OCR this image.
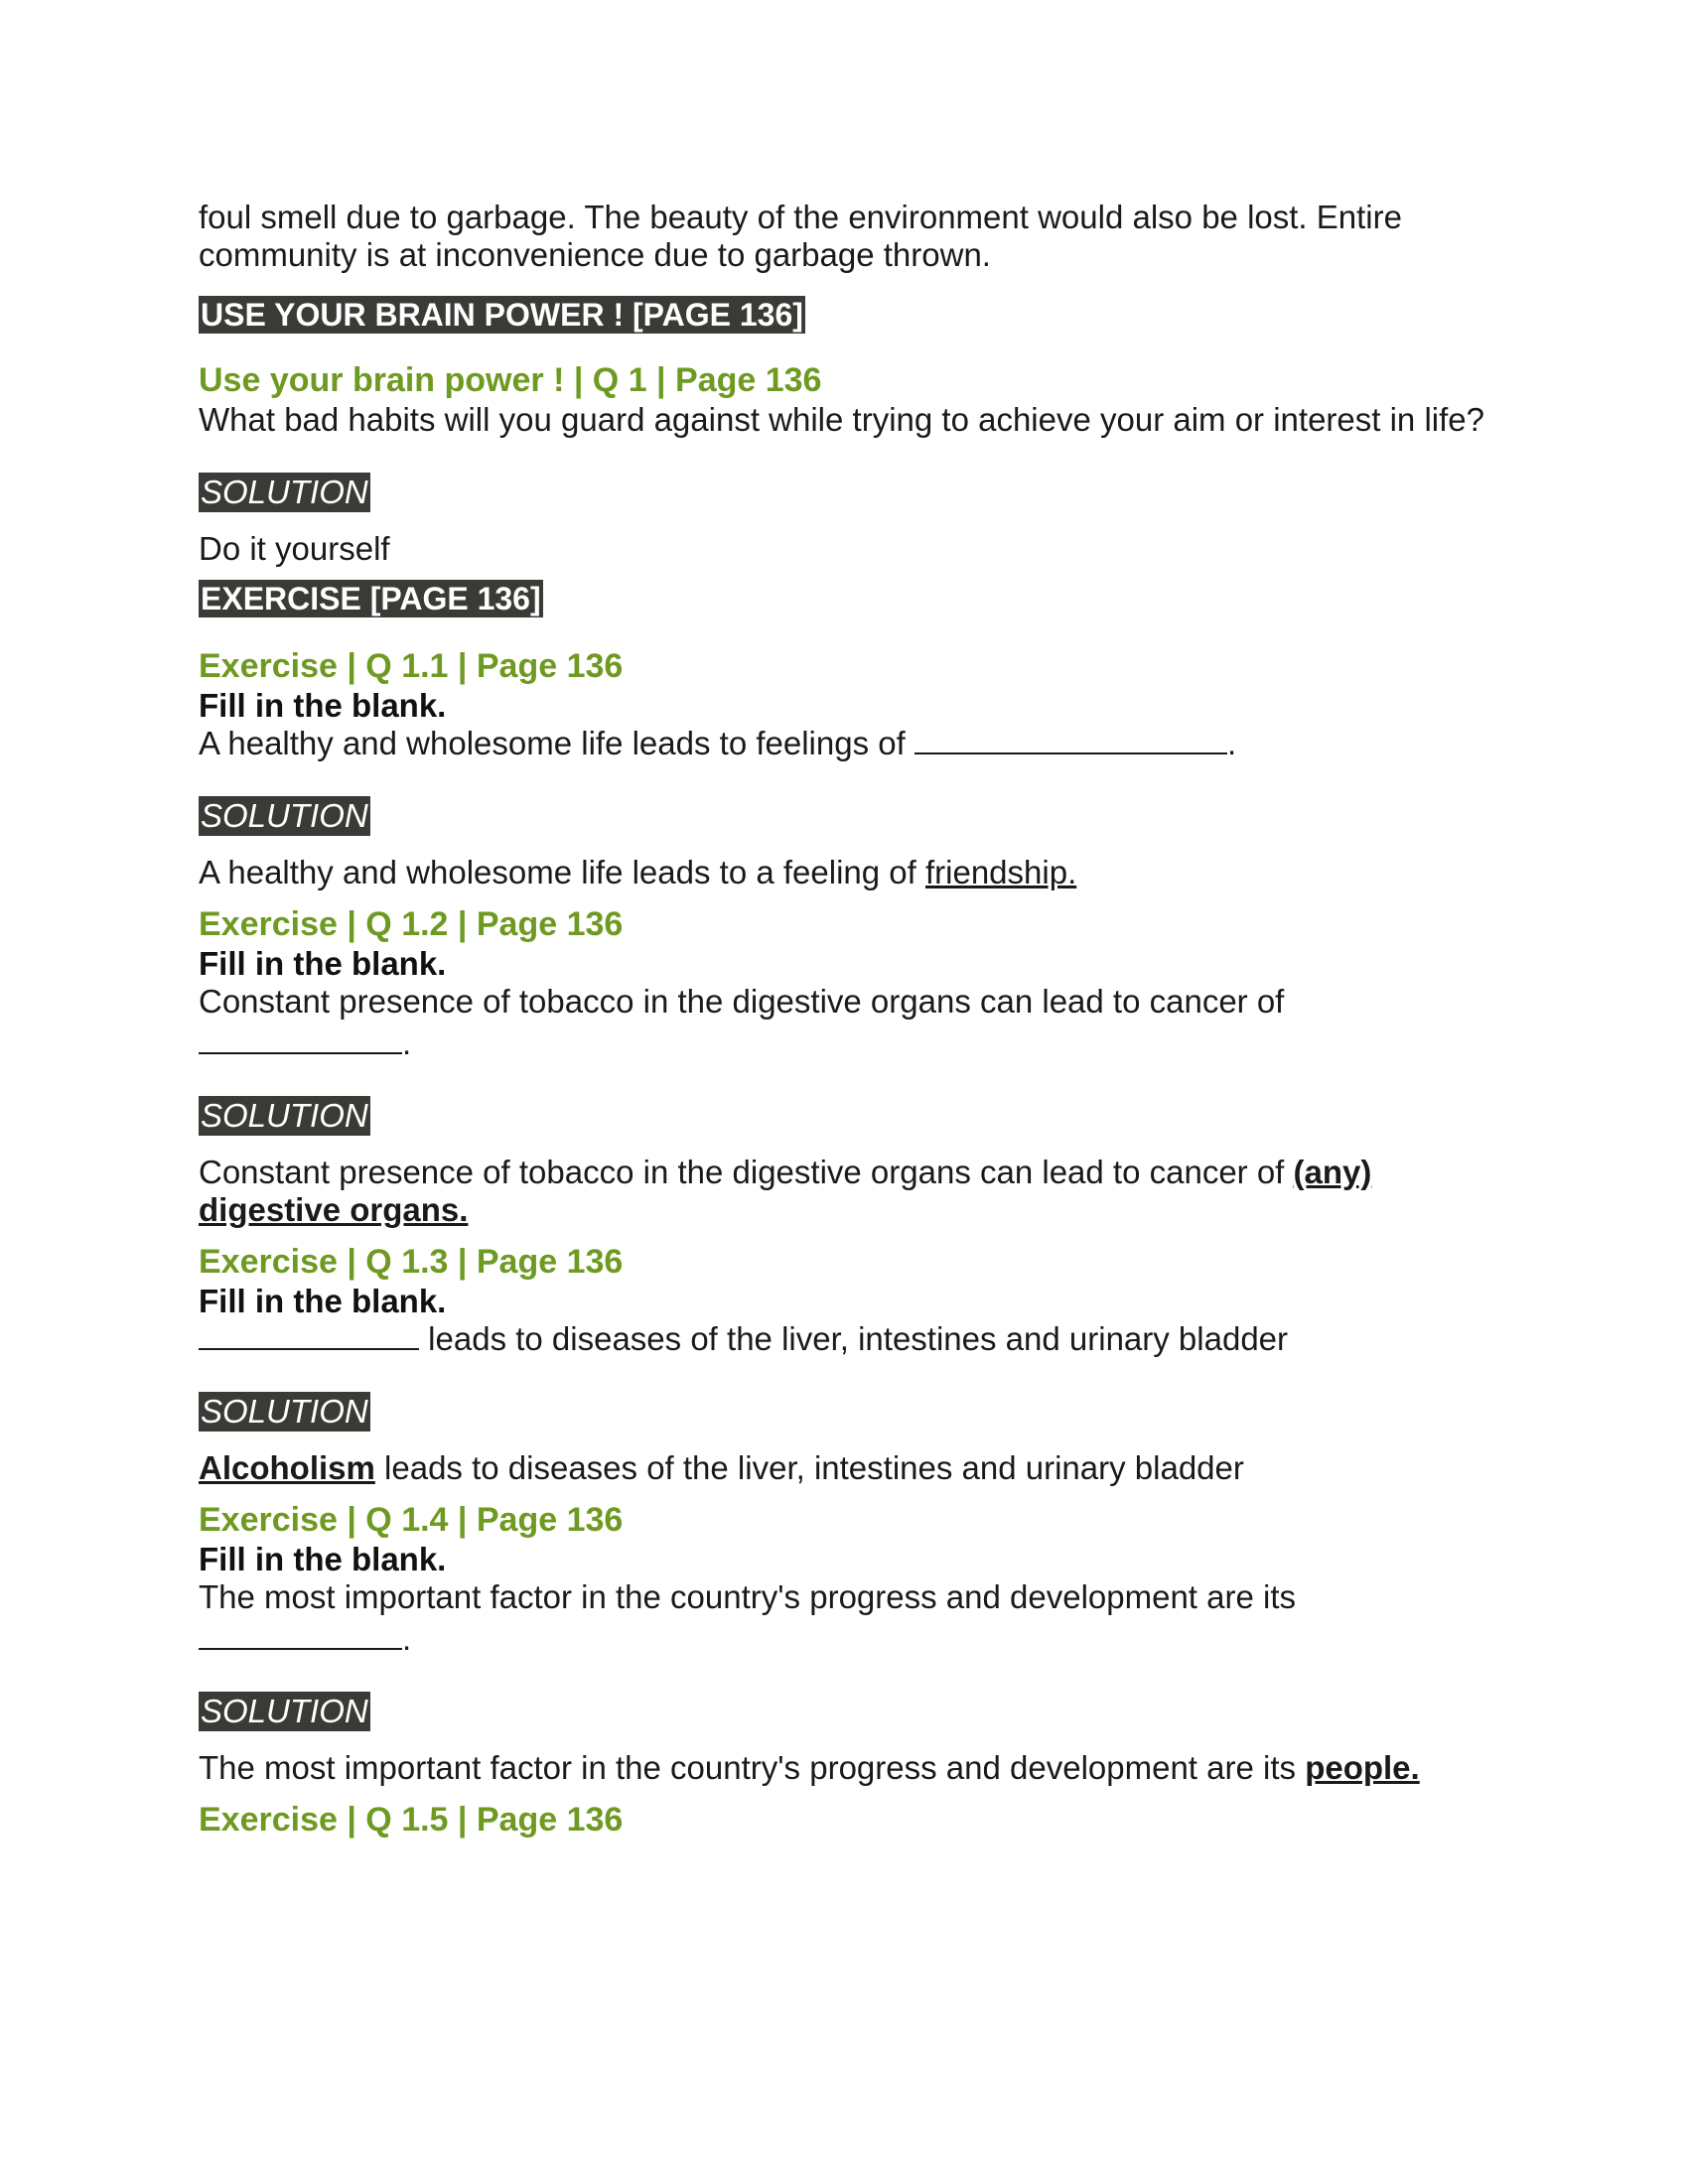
foul smell due to garbage. The beauty of the environment would also be lost. Entire community is at inconvenience due to garbage thrown.

USE YOUR BRAIN POWER ! [PAGE 136]
Use your brain power ! | Q 1 | Page 136

What bad habits will you guard against while trying to achieve your aim or interest in life?

SOLUTION

Do it yourself

EXERCISE [PAGE 136]
Exercise | Q 1.1 | Page 136

Fill in the blank.

A healthy and wholesome life leads to feelings of	.

SOLUTION

A healthy and wholesome life leads to a feeling of friendship.

Exercise | Q 1.2 | Page 136

Fill in the blank.

Constant presence of tobacco in the digestive organs can lead to cancer of

.

SOLUTION

Constant presence of tobacco in the digestive organs can lead to cancer of (any) digestive organs.

Exercise | Q 1.3 | Page 136

Fill in the blank.

leads to diseases of the liver, intestines and urinary bladder

SOLUTION

Alcoholism leads to diseases of the liver, intestines and urinary bladder

Exercise | Q 1.4 | Page 136

Fill in the blank.

The most important factor in the country's progress and development are its

.

SOLUTION

The most important factor in the country's progress and development are its people.

Exercise | Q 1.5 | Page 136
